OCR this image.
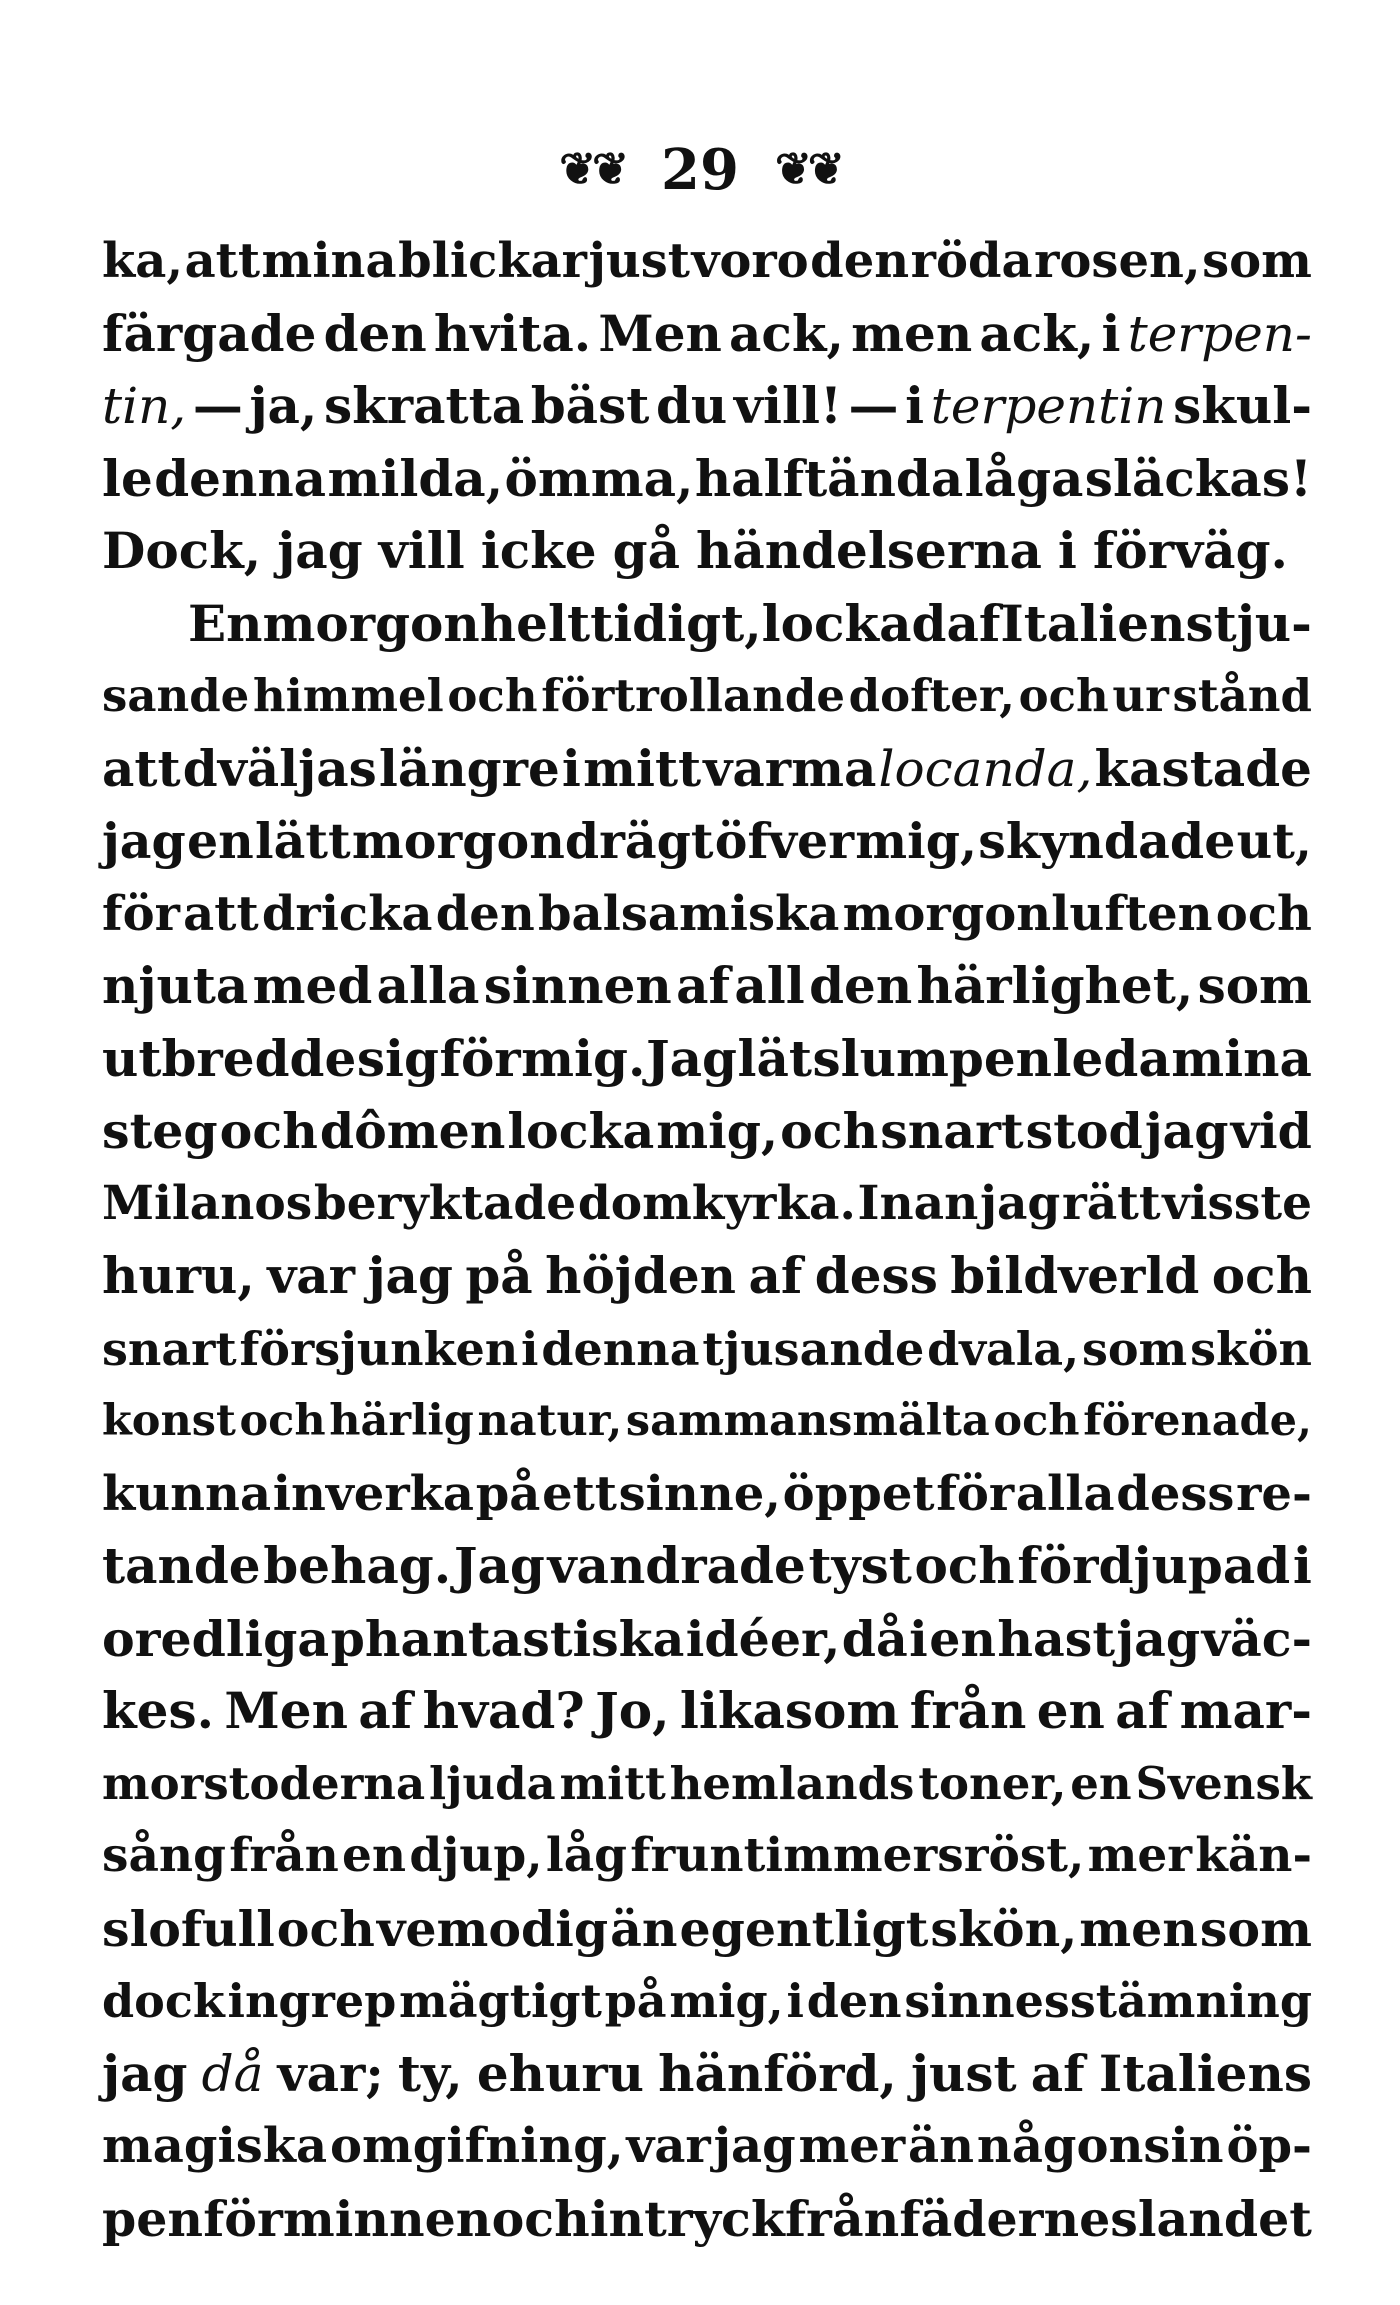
❦❦ 29 ❦❦
ka, att mina blickar just voro den röda rosen, som
färgade den hvita. Men ack, men ack, i terpen-
tin, — ja, skratta bäst du vill! — i terpentin skul-
le denna milda, ömma, halftända låga släckas!
Dock, jag vill icke gå händelserna i förväg.
En morgon helt tidigt, lockad af Italiens tju-
sande himmel och förtrollande dofter, och ur stånd
att dväljas längre i mitt varma locanda, kastade
jag en lätt morgondrägt öfver mig, skyndade ut,
för att dricka den balsamiska morgonluften och
njuta med alla sinnen af all den härlighet, som
utbredde sig för mig. Jag lät slumpen leda mina
steg och dômen locka mig, och snart stod jag vid
Milanos beryktade domkyrka. Inan jag rätt visste
huru, var jag på höjden af dess bildverld och
snart försjunken i denna tjusande dvala, som skön
konst och härlig natur, sammansmälta och förenade,
kunna inverka på ett sinne, öppet för alla dess re-
tande behag. Jag vandrade tyst och fördjupad i
oredliga phantastiska idéer, då i en hast jag väc-
kes. Men af hvad? Jo, likasom från en af mar-
morstoderna ljuda mitt hemlands toner, en Svensk
sång från en djup, låg fruntimmersröst, mer kän-
slofull och vemodig än egentligt skön, men som
dock ingrep mägtigt på mig, i den sinnesstämning
jag då var; ty, ehuru hänförd, just af Italiens
magiska omgifning, var jag mer än någonsin öp-
pen för minnen och intryck från fäderneslandet
